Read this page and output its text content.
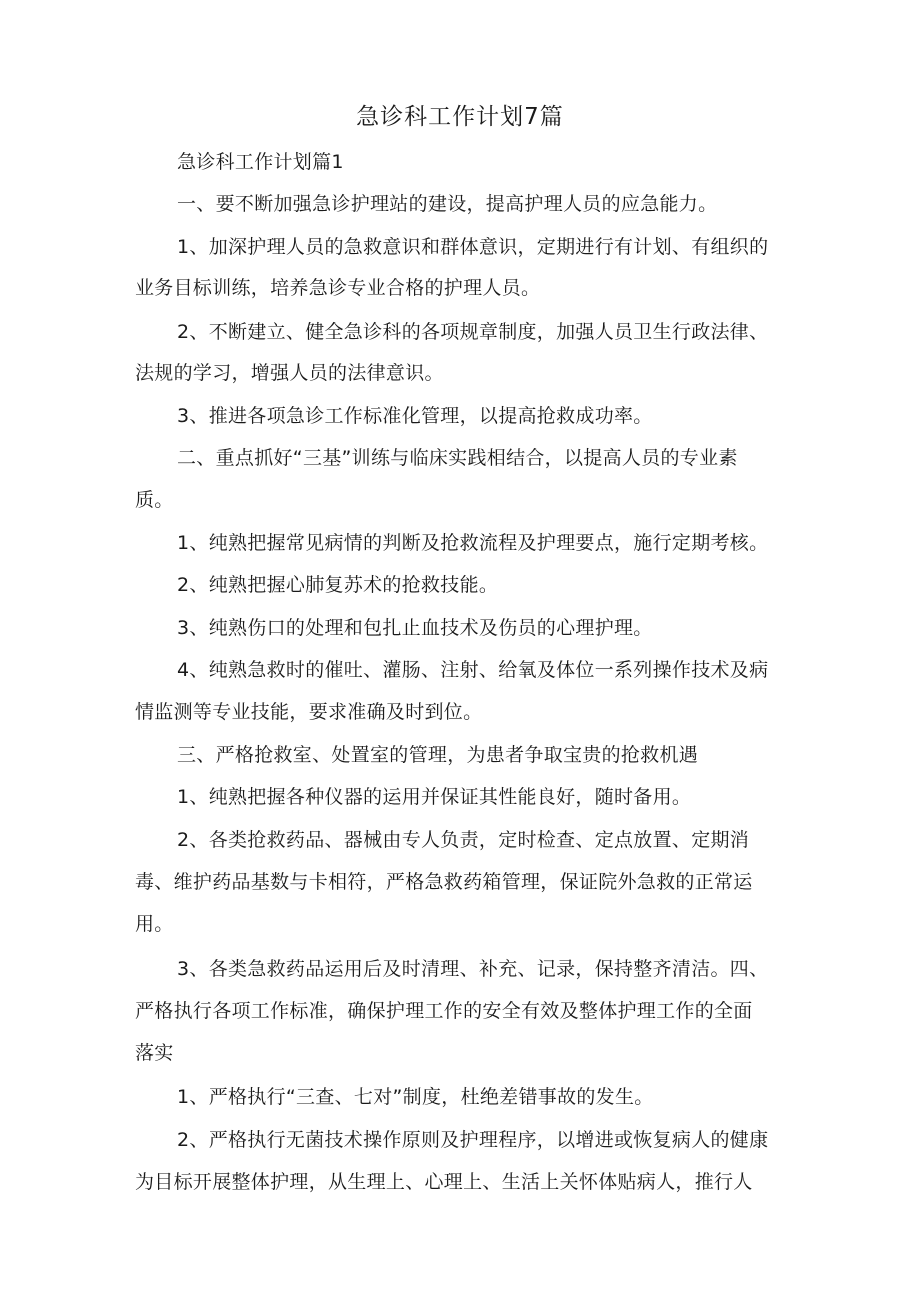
急诊科工作计划7篇
急诊科工作计划篇1
一、要不断加强急诊护理站的建设，提高护理人员的应急能力。
1、加深护理人员的急救意识和群体意识，定期进行有计划、有组织的
业务目标训练，培养急诊专业合格的护理人员。
2、不断建立、健全急诊科的各项规章制度，加强人员卫生行政法律、
法规的学习，增强人员的法律意识。
3、推进各项急诊工作标准化管理，以提高抢救成功率。
二、重点抓好“三基”训练与临床实践相结合，以提高人员的专业素
质。
1、纯熟把握常见病情的判断及抢救流程及护理要点，施行定期考核。
2、纯熟把握心肺复苏术的抢救技能。
3、纯熟伤口的处理和包扎止血技术及伤员的心理护理。
4、纯熟急救时的催吐、灌肠、注射、给氧及体位一系列操作技术及病
情监测等专业技能，要求准确及时到位。
三、严格抢救室、处置室的管理，为患者争取宝贵的抢救机遇
1、纯熟把握各种仪器的运用并保证其性能良好，随时备用。
2、各类抢救药品、器械由专人负责，定时检查、定点放置、定期消
毒、维护药品基数与卡相符，严格急救药箱管理，保证院外急救的正常运
用。
3、各类急救药品运用后及时清理、补充、记录，保持整齐清洁。四、
严格执行各项工作标准，确保护理工作的安全有效及整体护理工作的全面
落实
1、严格执行“三查、七对”制度，杜绝差错事故的发生。
2、严格执行无菌技术操作原则及护理程序，以增进或恢复病人的健康
为目标开展整体护理，从生理上、心理上、生活上关怀体贴病人，推行人
